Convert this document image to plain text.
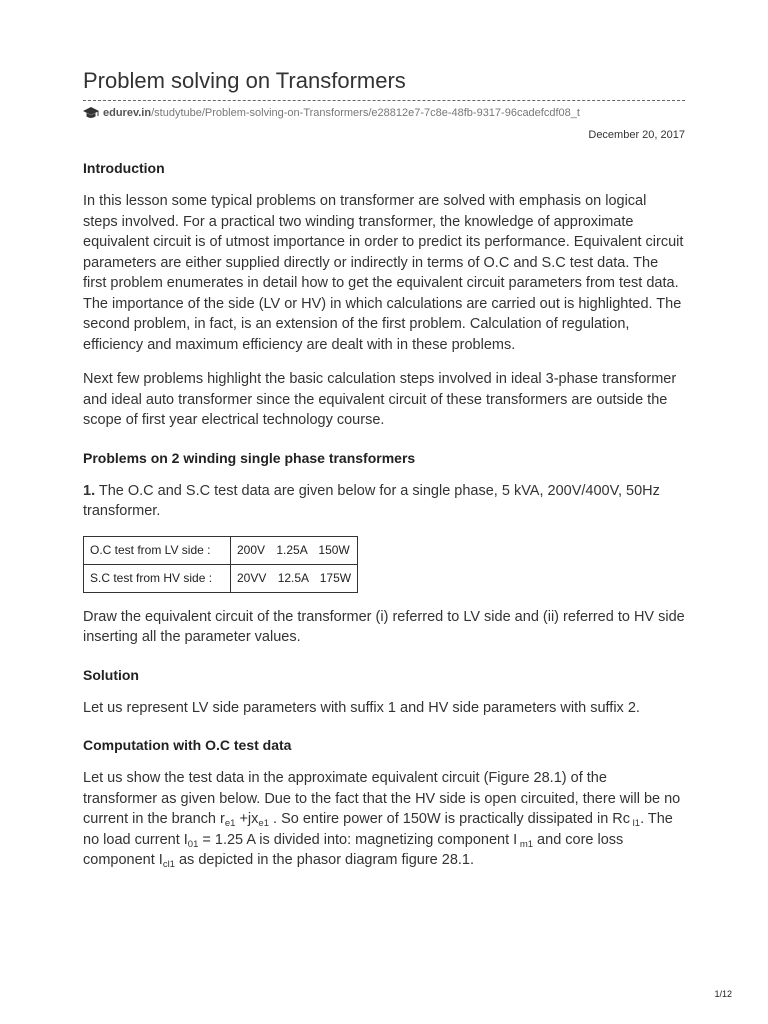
Problem solving on Transformers
edurev.in/studytube/Problem-solving-on-Transformers/e28812e7-7c8e-48fb-9317-96cadefcdf08_t
December 20, 2017
Introduction

In this lesson some typical problems on transformer are solved with emphasis on logical steps involved. For a practical two winding transformer, the knowledge of approximate equivalent circuit is of utmost importance in order to predict its performance. Equivalent circuit parameters are either supplied directly or indirectly in terms of O.C and S.C test data. The first problem enumerates in detail how to get the equivalent circuit parameters from test data. The importance of the side (LV or HV) in which calculations are carried out is highlighted. The second problem, in fact, is an extension of the first problem. Calculation of regulation, efficiency and maximum efficiency are dealt with in these problems.

Next few problems highlight the basic calculation steps involved in ideal 3-phase transformer and ideal auto transformer since the equivalent circuit of these transformers are outside the scope of first year electrical technology course.

Problems on 2 winding single phase transformers

1. The O.C and S.C test data are given below for a single phase, 5 kVA, 200V/400V, 50Hz transformer.

O.C test from LV side :	200V 1.25A 150W
S.C test from HV side :	20VV 12.5A 175W

Draw the equivalent circuit of the transformer (i) referred to LV side and (ii) referred to HV side inserting all the parameter values.

Solution

Let us represent LV side parameters with suffix 1 and HV side parameters with suffix 2.

Computation with O.C test data

Let us show the test data in the approximate equivalent circuit (Figure 28.1) of the transformer as given below. Due to the fact that the HV side is open circuited, there will be no current in the branch $r_{e1} +jx_{e1}$ . So entire power of 150W is practically dissipated in Rc $_{l1}$. The no load current $I_{01} = 1.25$ A is divided into: magnetizing component I $_{m1}$ and core loss component $I_{cl1}$ as depicted in the phasor diagram figure 28.1.

1/12
